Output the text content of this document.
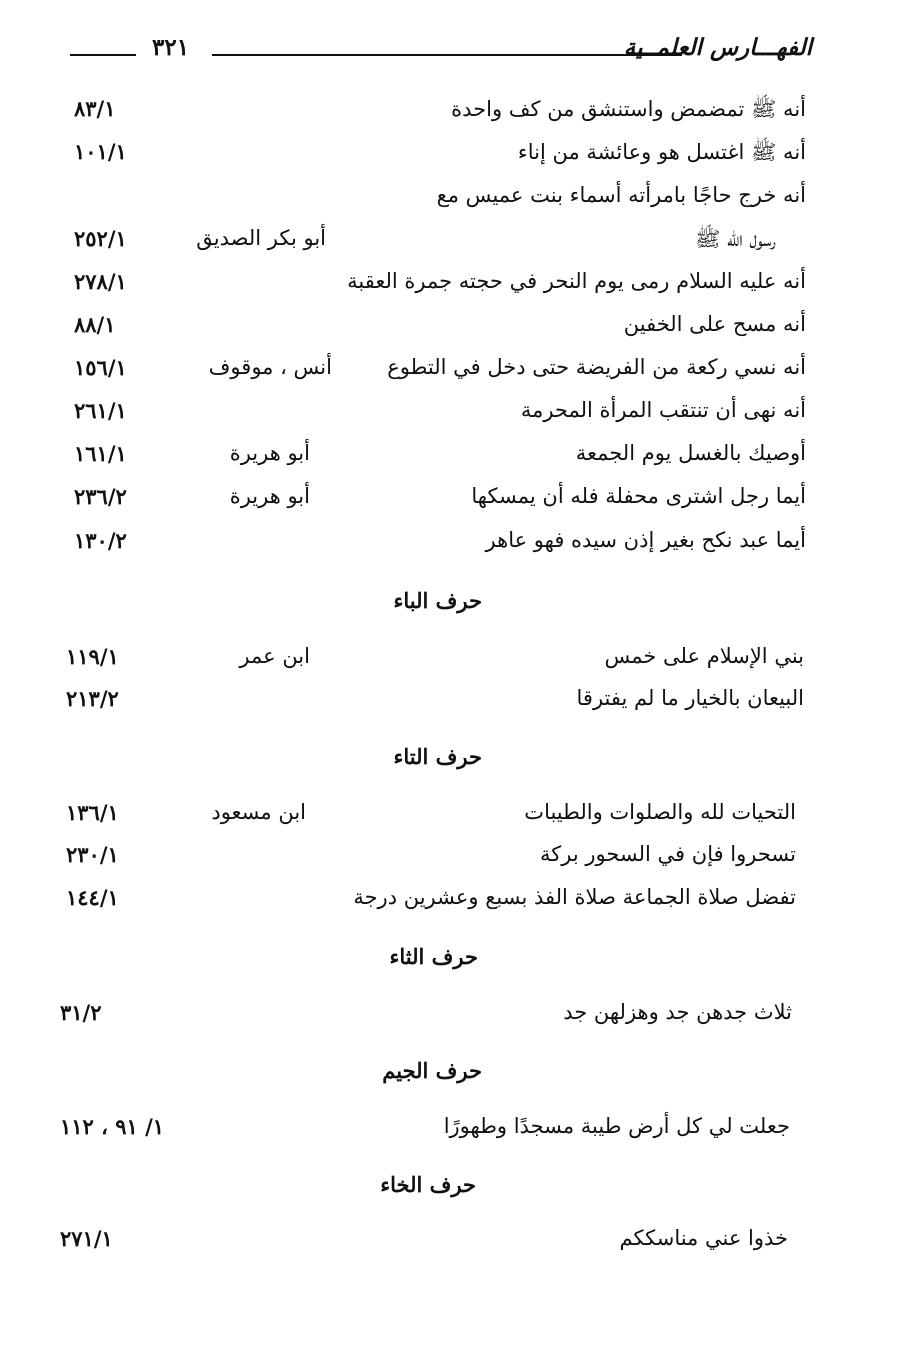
٣٢١	الفهـــارس العلمــية
أنه ﷺ تمضمض واستنشق من كف واحدة
٨٣/١
أنه ﷺ اغتسل هو وعائشة من إناء
١٠١/١
أنه خرج حاجًا بامرأته أسماء بنت عميس مع
رسول الله ﷺ
أبو بكر الصديق
٢٥٢/١
أنه عليه السلام رمى يوم النحر في حجته جمرة العقبة
٢٧٨/١
أنه مسح على الخفين
٨٨/١
أنه نسي ركعة من الفريضة حتى دخل في التطوع
أنس ، موقوف
١٥٦/١
أنه نهى أن تنتقب المرأة المحرمة
٢٦١/١
أوصيك بالغسل يوم الجمعة
أبو هريرة
١٦١/١
أيما رجل اشترى محفلة فله أن يمسكها
أبو هريرة
٢٣٦/٢
أيما عبد نكح بغير إذن سيده فهو عاهر
١٣٠/٢
حرف الباء
بني الإسلام على خمس
ابن عمر
١١٩/١
البيعان بالخيار ما لم يفترقا
٢١٣/٢
حرف التاء
التحيات لله والصلوات والطيبات
ابن مسعود
١٣٦/١
تسحروا فإن في السحور بركة
٢٣٠/١
تفضل صلاة الجماعة صلاة الفذ بسبع وعشرين درجة
١٤٤/١
حرف الثاء
ثلاث جدهن جد وهزلهن جد
٣١/٢
حرف الجيم
جعلت لي كل أرض طيبة مسجدًا وطهورًا
١/ ٩١ ، ١١٢
حرف الخاء
خذوا عني مناسككم
٢٧١/١
